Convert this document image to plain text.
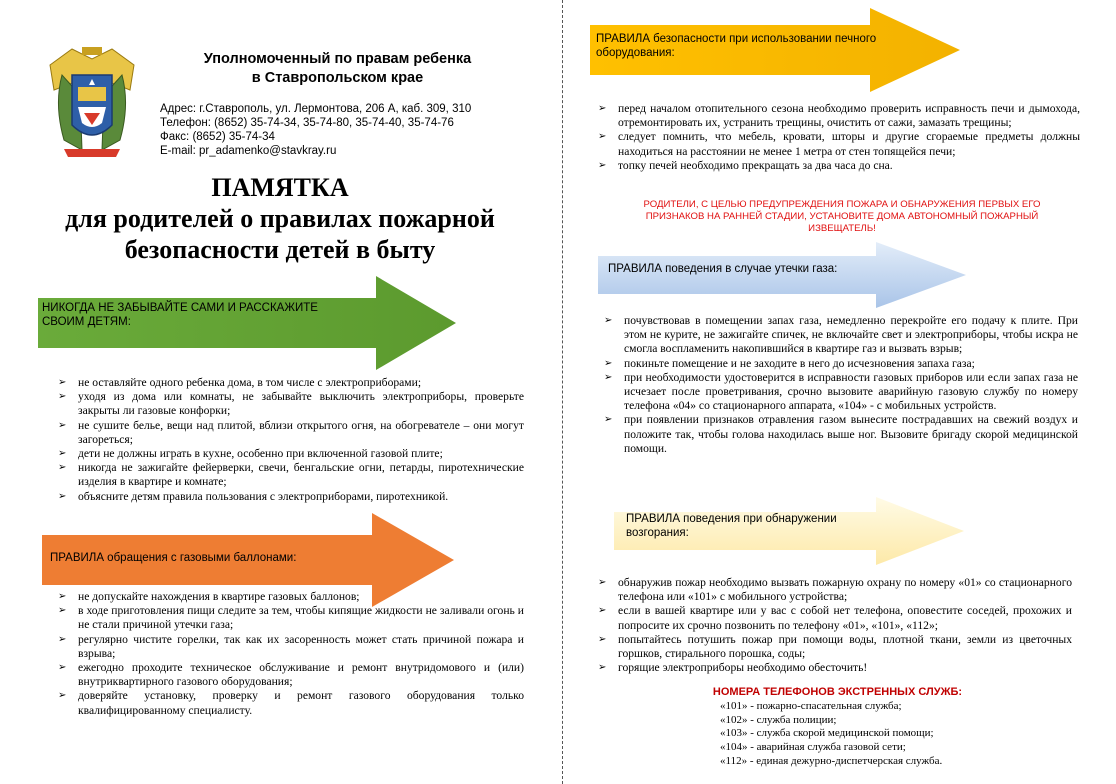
Уполномоченный по правам ребенка
в Ставропольском крае
Адрес: г.Ставрополь, ул. Лермонтова, 206 А, каб. 309, 310
Телефон: (8652) 35-74-34, 35-74-80, 35-74-40, 35-74-76
Факс: (8652) 35-74-34
E-mail: pr_adamenko@stavkray.ru
ПАМЯТКА
для родителей о правилах пожарной
безопасности детей в быту
НИКОГДА НЕ ЗАБЫВАЙТЕ САМИ И РАССКАЖИТЕ
СВОИМ ДЕТЯМ:
➢ не оставляйте одного ребенка дома, в том числе с электроприборами;
➢ уходя из дома или комнаты, не забывайте выключить электроприборы, проверьте закрыты ли газовые конфорки;
➢ не сушите белье, вещи над плитой, вблизи открытого огня, на обогревателе – они могут загореться;
➢ дети не должны играть в кухне, особенно при включенной газовой плите;
➢ никогда не зажигайте фейерверки, свечи, бенгальские огни, петарды, пиротехнические изделия в квартире и комнате;
➢ объясните детям правила пользования с электроприборами, пиротехникой.
ПРАВИЛА обращения с газовыми баллонами:
➢ не допускайте нахождения в квартире газовых баллонов;
➢ в ходе приготовления пищи следите за тем, чтобы кипящие жидкости не заливали огонь и не стали причиной утечки газа;
➢ регулярно чистите горелки, так как их засоренность может стать причиной пожара и взрыва;
➢ ежегодно проходите техническое обслуживание и ремонт внутридомового и (или) внутриквартирного газового оборудования;
➢ доверяйте установку, проверку и ремонт газового оборудования только квалифицированному специалисту.
ПРАВИЛА безопасности при использовании печного
оборудования:
➢ перед началом отопительного сезона необходимо проверить исправность печи и дымохода, отремонтировать их, устранить трещины, очистить от сажи, замазать трещины;
➢ следует помнить, что мебель, кровати, шторы и другие сгораемые предметы должны находиться на расстоянии не менее 1 метра от стен топящейся печи;
➢ топку печей необходимо прекращать за два часа до сна.
РОДИТЕЛИ, С ЦЕЛЬЮ ПРЕДУПРЕЖДЕНИЯ ПОЖАРА И ОБНАРУЖЕНИЯ ПЕРВЫХ ЕГО
ПРИЗНАКОВ НА РАННЕЙ СТАДИИ, УСТАНОВИТЕ ДОМА АВТОНОМНЫЙ ПОЖАРНЫЙ
ИЗВЕЩАТЕЛЬ!
ПРАВИЛА поведения в случае утечки газа:
➢ почувствовав в помещении запах газа, немедленно перекройте его подачу к плите. При этом не курите, не зажигайте спичек, не включайте свет и электроприборы, чтобы искра не смогла воспламенить накопившийся в квартире газ и вызвать взрыв;
➢ покиньте помещение и не заходите в него до исчезновения запаха газа;
➢ при необходимости удостоверится в исправности газовых приборов или если запах газа не исчезает после проветривания, срочно вызовите аварийную газовую службу по номеру телефона «04» со стационарного аппарата, «104» - с мобильных устройств.
➢ при появлении признаков отравления газом вынесите пострадавших на свежий воздух и положите так, чтобы голова находилась выше ног. Вызовите бригаду скорой медицинской помощи.
ПРАВИЛА поведения при обнаружении
возгорания:
➢ обнаружив пожар необходимо вызвать пожарную охрану по номеру «01» со стационарного телефона или «101» с мобильного устройства;
➢ если в вашей квартире или у вас с собой нет телефона, оповестите соседей, прохожих и попросите их срочно позвонить по телефону «01», «101», «112»;
➢ попытайтесь потушить пожар при помощи воды, плотной ткани, земли из цветочных горшков, стирального порошка, соды;
➢ горящие электроприборы необходимо обесточить!
НОМЕРА ТЕЛЕФОНОВ ЭКСТРЕННЫХ СЛУЖБ:
«101» - пожарно-спасательная служба;
«102» - служба полиции;
«103» - служба скорой медицинской помощи;
«104» - аварийная служба газовой сети;
«112» - единая дежурно-диспетчерская служба.
